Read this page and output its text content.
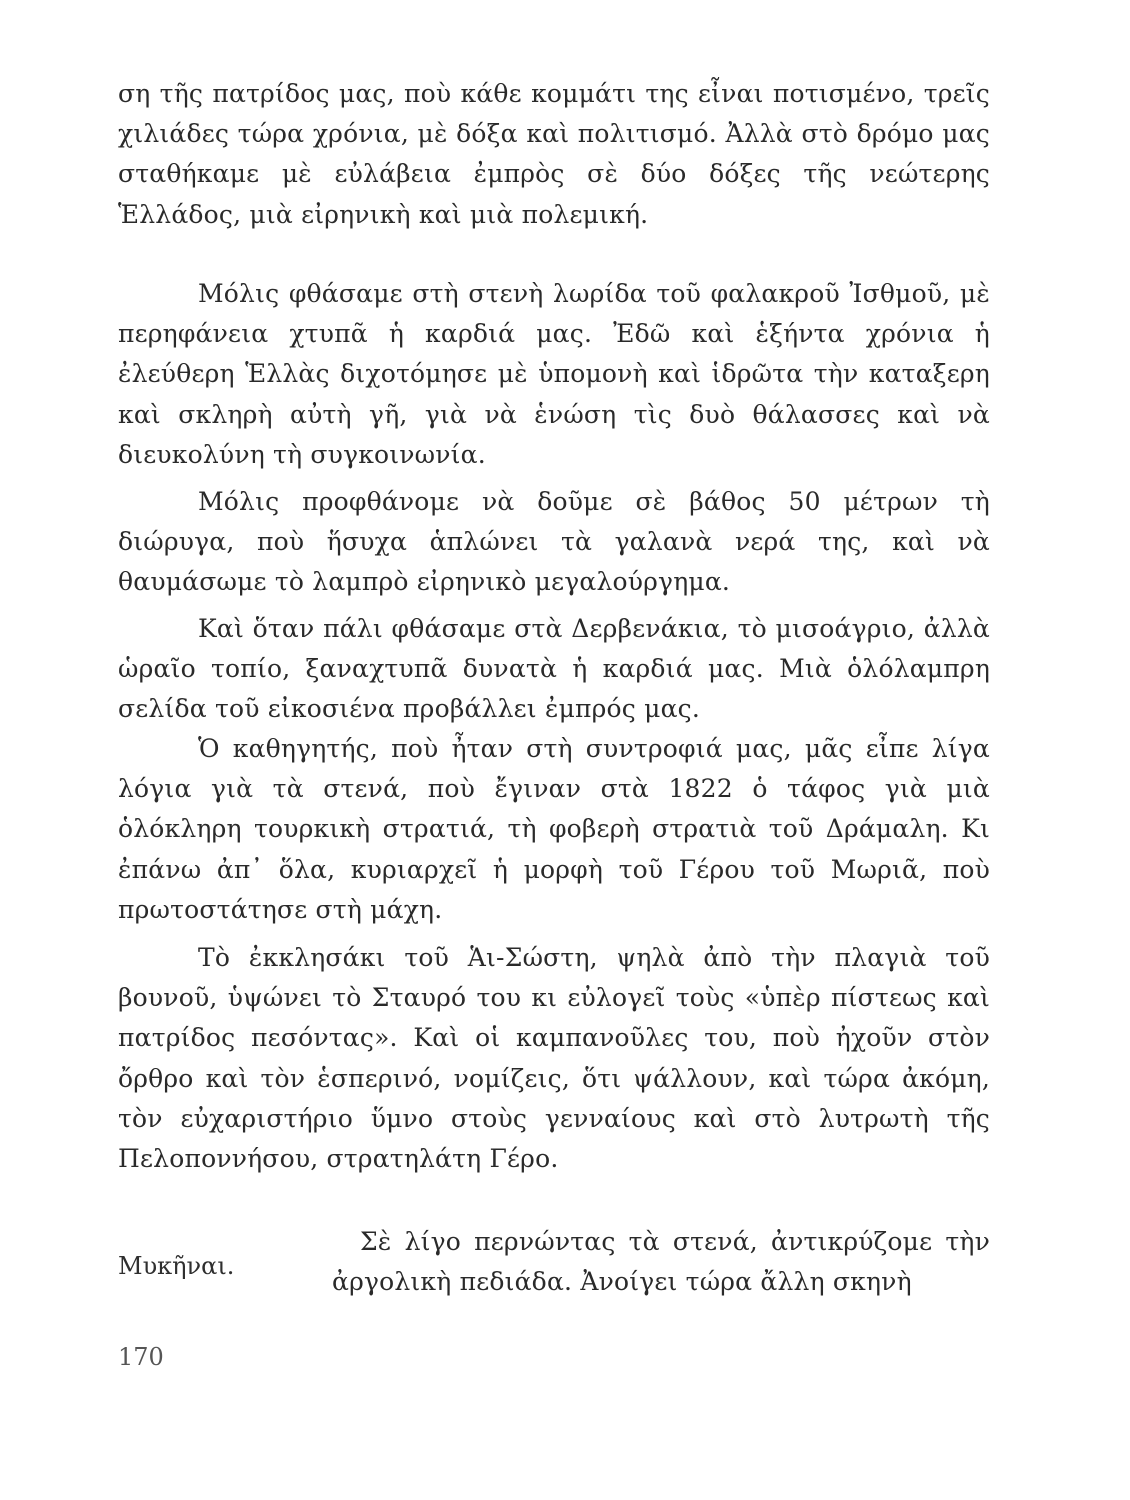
ση τῆς πατρίδος μας, ποὺ κάθε κομμάτι της εἶναι ποτισμένο, τρεῖς χιλιάδες τώρα χρόνια, μὲ δόξα καὶ πολιτισμό. Ἀλλὰ στὸ δρόμο μας σταθήκαμε μὲ εὐλάβεια ἐμπρὸς σὲ δύο δόξες τῆς νεώτερης Ἑλλάδος, μιὰ εἰρηνικὴ καὶ μιὰ πολεμική.

Μόλις φθάσαμε στὴ στενὴ λωρίδα τοῦ φαλακροῦ Ἰσθμοῦ, μὲ περηφάνεια χτυπᾶ ἡ καρδιά μας. Ἐδῶ καὶ ἑξήντα χρόνια ἡ ἐλεύθερη Ἑλλὰς διχοτόμησε μὲ ὑπομονὴ καὶ ἱδρῶτα τὴν καταξερη καὶ σκληρὴ αὐτὴ γῆ, γιὰ νὰ ἑνώση τὶς δυὸ θάλασσες καὶ νὰ διευκολύνη τὴ συγκοινωνία.

Μόλις προφθάνομε νὰ δοῦμε σὲ βάθος 50 μέτρων τὴ διώρυγα, ποὺ ἥσυχα ἁπλώνει τὰ γαλανὰ νερά της, καὶ νὰ θαυμάσωμε τὸ λαμπρὸ εἰρηνικὸ μεγαλούργημα.

Καὶ ὅταν πάλι φθάσαμε στὰ Δερβενάκια, τὸ μισοάγριο, ἀλλὰ ὡραῖο τοπίο, ξαναχτυπᾶ δυνατὰ ἡ καρδιά μας. Μιὰ ὁλόλαμπρη σελίδα τοῦ εἰκοσιένα προβάλλει ἐμπρός μας.

Ὁ καθηγητής, ποὺ ἦταν στὴ συντροφιά μας, μᾶς εἶπε λίγα λόγια γιὰ τὰ στενά, ποὺ ἔγιναν στὰ 1822 ὁ τάφος γιὰ μιὰ ὁλόκληρη τουρκικὴ στρατιά, τὴ φοβερὴ στρατιὰ τοῦ Δράμαλη. Κι ἐπάνω ἀπ᾽ ὅλα, κυριαρχεῖ ἡ μορφὴ τοῦ Γέρου τοῦ Μωριᾶ, ποὺ πρωτοστάτησε στὴ μάχη.

Τὸ ἐκκλησάκι τοῦ Ἁι-Σώστη, ψηλὰ ἀπὸ τὴν πλαγιὰ τοῦ βουνοῦ, ὑψώνει τὸ Σταυρό του κι εὐλογεῖ τοὺς «ὑπὲρ πίστεως καὶ πατρίδος πεσόντας». Καὶ οἱ καμπανοῦλες του, ποὺ ἠχοῦν στὸν ὄρθρο καὶ τὸν ἑσπερινό, νομίζεις, ὅτι ψάλλουν, καὶ τώρα ἀκόμη, τὸν εὐχαριστήριο ὕμνο στοὺς γενναίους καὶ στὸ λυτρωτὴ τῆς Πελοποννήσου, στρατηλάτη Γέρο.

Μυκῆναι.

Σὲ λίγο περνώντας τὰ στενά, ἀντικρύζομε τὴν ἀργολικὴ πεδιάδα. Ἀνοίγει τώρα ἄλλη σκηνὴ

170
